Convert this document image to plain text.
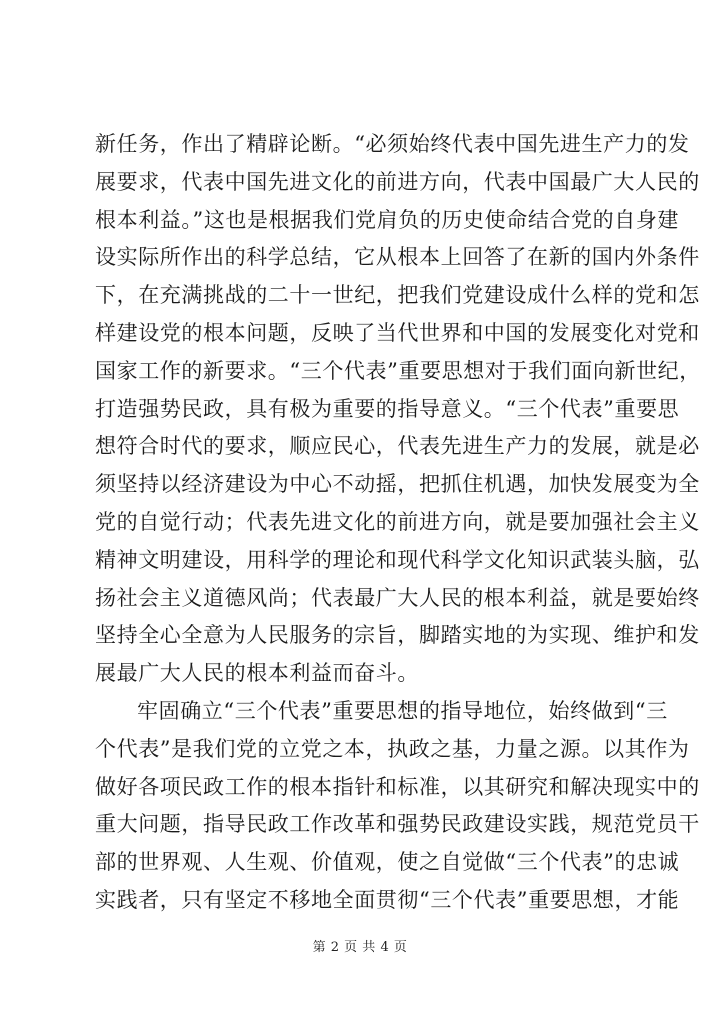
新任务，作出了精辟论断。“必须始终代表中国先进生产力的发
展要求，代表中国先进文化的前进方向，代表中国最广大人民的
根本利益。”这也是根据我们党肩负的历史使命结合党的自身建
设实际所作出的科学总结，它从根本上回答了在新的国内外条件
下，在充满挑战的二十一世纪，把我们党建设成什么样的党和怎
样建设党的根本问题，反映了当代世界和中国的发展变化对党和
国家工作的新要求。“三个代表”重要思想对于我们面向新世纪，
打造强势民政，具有极为重要的指导意义。“三个代表”重要思
想符合时代的要求，顺应民心，代表先进生产力的发展，就是必
须坚持以经济建设为中心不动摇，把抓住机遇，加快发展变为全
党的自觉行动；代表先进文化的前进方向，就是要加强社会主义
精神文明建设，用科学的理论和现代科学文化知识武装头脑，弘
扬社会主义道德风尚；代表最广大人民的根本利益，就是要始终
坚持全心全意为人民服务的宗旨，脚踏实地的为实现、维护和发
展最广大人民的根本利益而奋斗。
牢固确立“三个代表”重要思想的指导地位，始终做到“三
个代表”是我们党的立党之本，执政之基，力量之源。以其作为
做好各项民政工作的根本指针和标准，以其研究和解决现实中的
重大问题，指导民政工作改革和强势民政建设实践，规范党员干
部的世界观、人生观、价值观，使之自觉做“三个代表”的忠诚
实践者，只有坚定不移地全面贯彻“三个代表”重要思想，才能
第 2 页 共 4 页
